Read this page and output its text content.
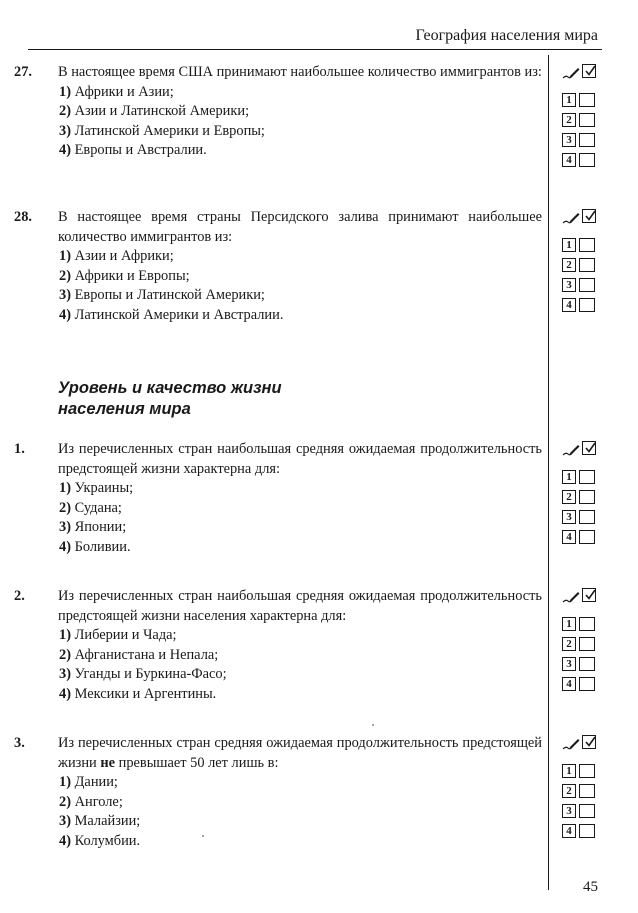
География населения мира
27. В настоящее время США принимают наибольшее количество иммигрантов из:
1) Африки и Азии;
2) Азии и Латинской Америки;
3) Латинской Америки и Европы;
4) Европы и Австралии.
28. В настоящее время страны Персидского залива принимают наибольшее количество иммигрантов из:
1) Азии и Африки;
2) Африки и Европы;
3) Европы и Латинской Америки;
4) Латинской Америки и Австралии.
Уровень и качество жизни
населения мира
1. Из перечисленных стран наибольшая средняя ожидаемая продолжительность предстоящей жизни характерна для:
1) Украины;
2) Судана;
3) Японии;
4) Боливии.
2. Из перечисленных стран наибольшая средняя ожидаемая продолжительность предстоящей жизни населения характерна для:
1) Либерии и Чада;
2) Афганистана и Непала;
3) Уганды и Буркина-Фасо;
4) Мексики и Аргентины.
3. Из перечисленных стран средняя ожидаемая продолжительность предстоящей жизни не превышает 50 лет лишь в:
1) Дании;
2) Анголе;
3) Малайзии;
4) Колумбии.
1
2
3
4
1
2
3
4
1
2
3
4
1
2
3
4
1
2
3
4
45
